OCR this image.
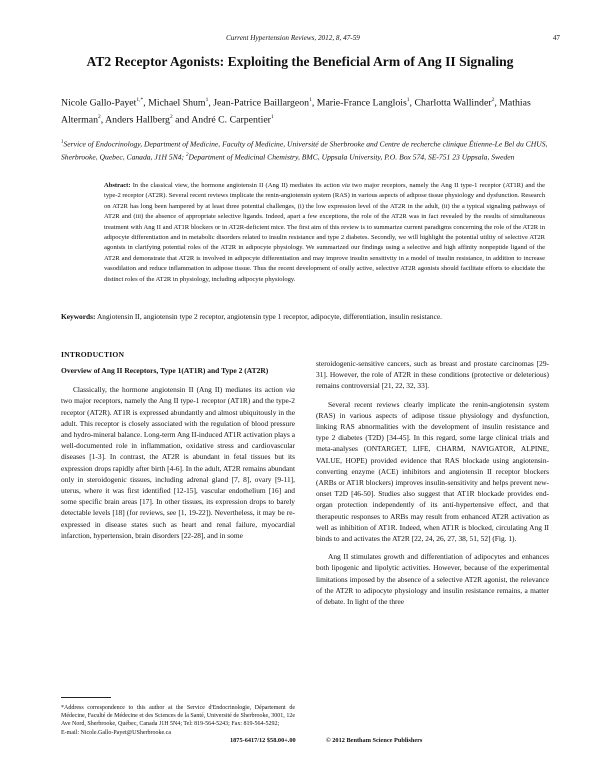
Current Hypertension Reviews, 2012, 8, 47-59	47
AT2 Receptor Agonists: Exploiting the Beneficial Arm of Ang II Signaling
Nicole Gallo-Payet$^{1,*}$, Michael Shum$^1$, Jean-Patrice Baillargeon$^1$, Marie-France Langlois$^1$, Charlotta Wallinder$^2$, Mathias Alterman$^2$, Anders Hallberg$^2$ and André C. Carpentier$^1$
$^1$Service of Endocrinology, Department of Medicine, Faculty of Medicine, Université de Sherbrooke and Centre de recherche clinique Étienne-Le Bel du CHUS, Sherbrooke, Quebec, Canada, J1H 5N4; $^2$Department of Medicinal Chemistry, BMC, Uppsala University, P.O. Box 574, SE-751 23 Uppsala, Sweden
Abstract: In the classical view, the hormone angiotensin II (Ang II) mediates its action via two major receptors, namely the Ang II type-1 receptor (AT1R) and the type-2 receptor (AT2R). Several recent reviews implicate the renin-angiotensin system (RAS) in various aspects of adipose tissue physiology and dysfunction. Research on AT2R has long been hampered by at least three potential challenges, (i) the low expression level of the AT2R in the adult, (ii) the a typical signaling pathways of AT2R and (iii) the absence of appropriate selective ligands. Indeed, apart a few exceptions, the role of the AT2R was in fact revealed by the results of simultaneous treatment with Ang II and AT1R blockers or in AT2R-deficient mice. The first aim of this review is to summarize current paradigms concerning the role of the AT2R in adipocyte differentiation and in metabolic disorders related to insulin resistance and type 2 diabetes. Secondly, we will highlight the potential utility of selective AT2R agonists in clarifying potential roles of the AT2R in adipocyte physiology. We summarized our findings using a selective and high affinity nonpeptide ligand of the AT2R and demonstrate that AT2R is involved in adipocyte differentiation and may improve insulin sensitivity in a model of insulin resistance, in addition to increase vasodilation and reduce inflammation in adipose tissue. Thus the recent development of orally active, selective AT2R agonists should facilitate efforts to elucidate the distinct roles of the AT2R in physiology, including adipocyte physiology.
Keywords: Angiotensin II, angiotensin type 2 receptor, angiotensin type 1 receptor, adipocyte, differentiation, insulin resistance.

INTRODUCTION

Overview of Ang II Receptors, Type 1(AT1R) and Type 2 (AT2R)

Classically, the hormone angiotensin II (Ang II) mediates its action via two major receptors, namely the Ang II type-1 receptor (AT1R) and the type-2 receptor (AT2R). AT1R is expressed abundantly and almost ubiquitously in the adult. This receptor is closely associated with the regulation of blood pressure and hydro-mineral balance. Long-term Ang II-induced AT1R activation plays a well-documented role in inflammation, oxidative stress and cardiovascular diseases [1-3]. In contrast, the AT2R is abundant in fetal tissues but its expression drops rapidly after birth [4-6]. In the adult, AT2R remains abundant only in steroidogenic tissues, including adrenal gland [7, 8], ovary [9-11], uterus, where it was first identified [12-15], vascular endothelium [16] and some specific brain areas [17]. In other tissues, its expression drops to barely detectable levels [18] (for reviews, see [1, 19-22]). Nevertheless, it may be re-expressed in disease states such as heart and renal failure, myocardial infarction, hypertension, brain disorders [22-28], and in some

steroidogenic-sensitive cancers, such as breast and prostate carcinomas [29-31]. However, the role of AT2R in these conditions (protective or deleterious) remains controversial [21, 22, 32, 33].

Several recent reviews clearly implicate the renin-angiotensin system (RAS) in various aspects of adipose tissue physiology and dysfunction, linking RAS abnormalities with the development of insulin resistance and type 2 diabetes (T2D) [34-45]. In this regard, some large clinical trials and meta-analyses (ONTARGET, LIFE, CHARM, NAVIGATOR, ALPINE, VALUE, HOPE) provided evidence that RAS blockade using angiotensin-converting enzyme (ACE) inhibitors and angiotensin II receptor blockers (ARBs or AT1R blockers) improves insulin-sensitivity and helps prevent new-onset T2D [46-50]. Studies also suggest that AT1R blockade provides end-organ protection independently of its anti-hypertensive effect, and that therapeutic responses to ARBs may result from enhanced AT2R activation as well as inhibition of AT1R. Indeed, when AT1R is blocked, circulating Ang II binds to and activates the AT2R [22, 24, 26, 27, 38, 51, 52] (Fig. 1).

Ang II stimulates growth and differentiation of adipocytes and enhances both lipogenic and lipolytic activities. However, because of the experimental limitations imposed by the absence of a selective AT2R agonist, the relevance of the AT2R to adipocyte physiology and insulin resistance remains, a matter of debate. In light of the three

*Address correspondence to this author at the Service d'Endocrinologie, Département de Médecine, Faculté de Médecine et des Sciences de la Santé, Université de Sherbrooke, 3001, 12e Ave Nord, Sherbrooke, Québec, Canada J1H 5N4; Tel: 819-564-5243; Fax: 819-564-5292;
E-mail: Nicole.Gallo-Payet@USherbrooke.ca
1875-6417/12 $58.00+.00	© 2012 Bentham Science Publishers
